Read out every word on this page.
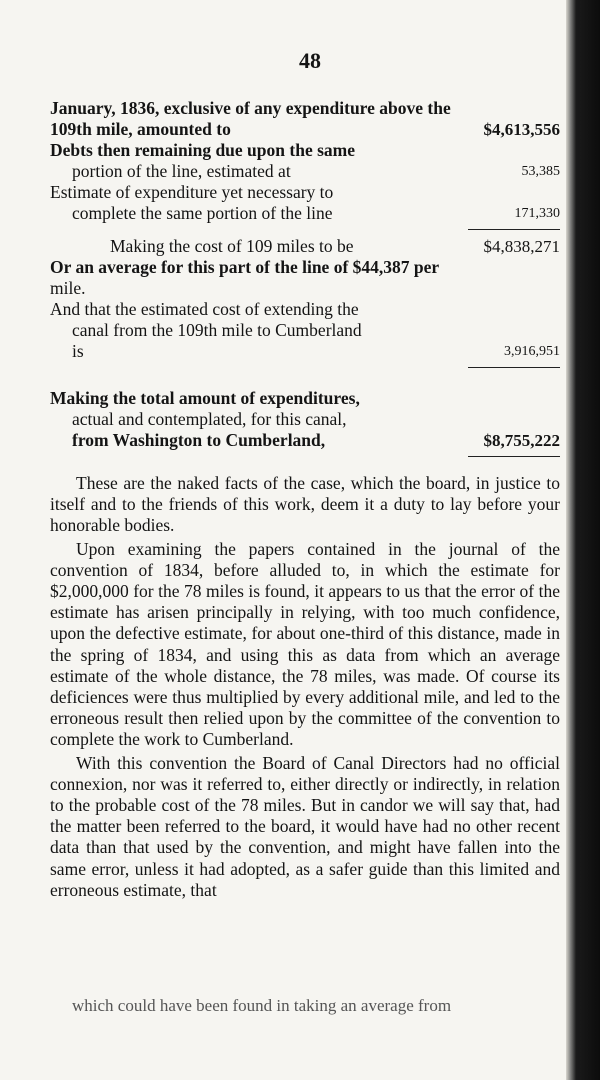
48
January, 1836, exclusive of any expenditure above the
109th mile, amounted to	$4,613,556
Debts then remaining due upon the same
portion of the line, estimated at	53,385
Estimate of expenditure yet necessary to
complete the same portion of the line	171,330
Making the cost of 109 miles to be	$4,838,271
Or an average for this part of the line of $44,387 per
mile.
And that the estimated cost of extending the
canal from the 109th mile to Cumberland
is	3,916,951
Making the total amount of expenditures,
actual and contemplated, for this canal,
from Washington to Cumberland,	$8,755,222

These are the naked facts of the case, which the board, in justice to itself and to the friends of this work, deem it a duty to lay before your honorable bodies.

Upon examining the papers contained in the journal of the convention of 1834, before alluded to, in which the estimate for $2,000,000 for the 78 miles is found, it appears to us that the error of the estimate has arisen principally in relying, with too much confidence, upon the defective estimate, for about one-third of this distance, made in the spring of 1834, and using this as data from which an average estimate of the whole distance, the 78 miles, was made. Of course its deficiences were thus multiplied by every additional mile, and led to the erroneous result then relied upon by the committee of the convention to complete the work to Cumberland.

With this convention the Board of Canal Directors had no official connexion, nor was it referred to, either directly or indirectly, in relation to the probable cost of the 78 miles. But in candor we will say that, had the matter been referred to the board, it would have had no other recent data than that used by the convention, and might have fallen into the same error, unless it had adopted, as a safer guide than this limited and erroneous estimate, that

which could have been found in taking an average from
